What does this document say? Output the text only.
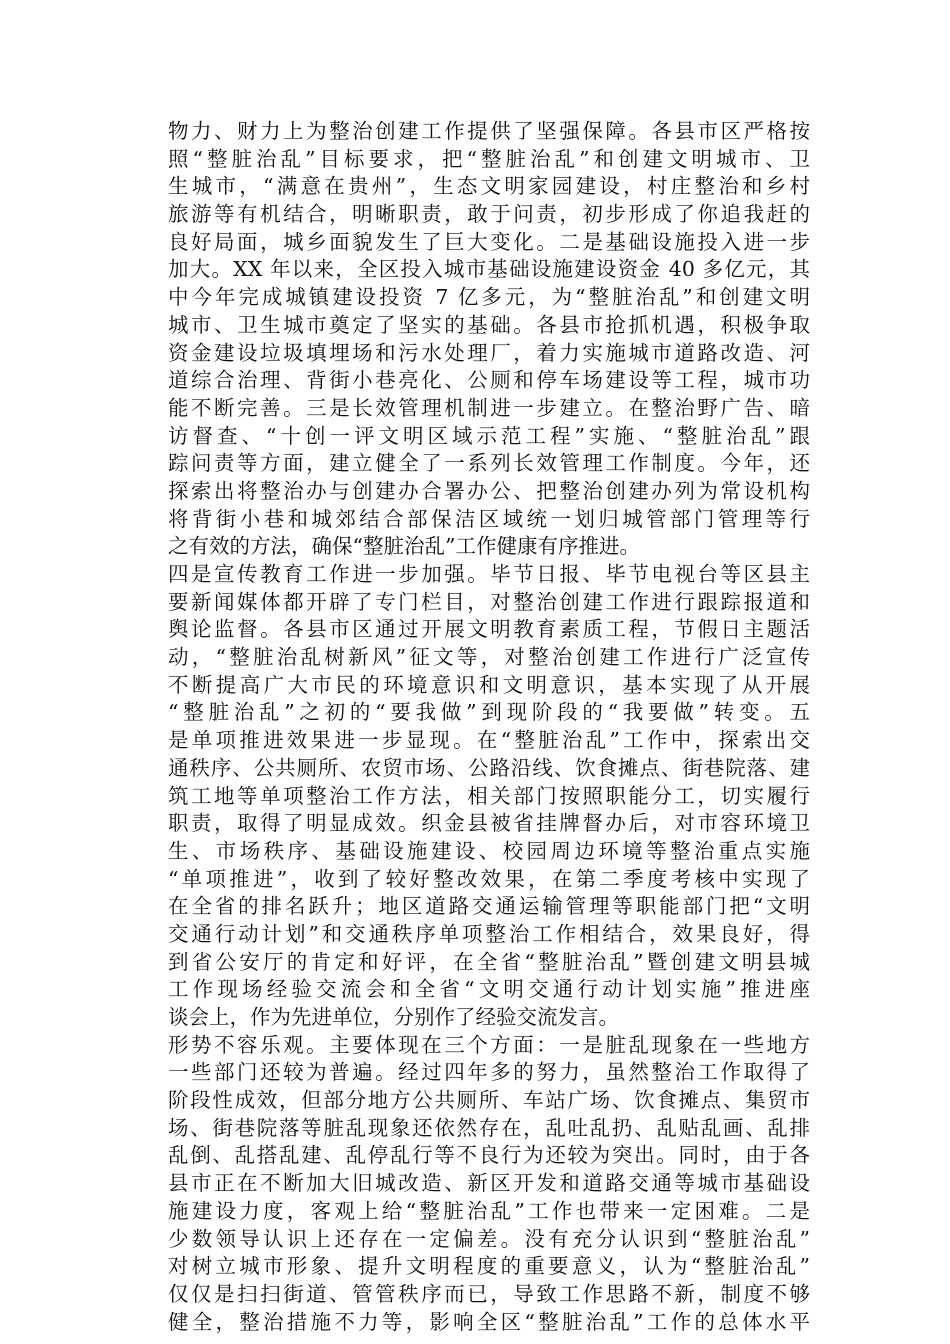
物力、财力上为整治创建工作提供了坚强保障。各县市区严格按
照“整脏治乱”目标要求，把“整脏治乱”和创建文明城市、卫
生城市，“满意在贵州”，生态文明家园建设，村庄整治和乡村
旅游等有机结合，明晰职责，敢于问责，初步形成了你追我赶的
良好局面，城乡面貌发生了巨大变化。二是基础设施投入进一步
加大。XX 年以来，全区投入城市基础设施建设资金 40 多亿元，其
中今年完成城镇建设投资 7 亿多元，为“整脏治乱”和创建文明
城市、卫生城市奠定了坚实的基础。各县市抢抓机遇，积极争取
资金建设垃圾填埋场和污水处理厂，着力实施城市道路改造、河
道综合治理、背街小巷亮化、公厕和停车场建设等工程，城市功
能不断完善。三是长效管理机制进一步建立。在整治野广告、暗
访督查、“十创一评文明区域示范工程”实施、“整脏治乱”跟
踪问责等方面，建立健全了一系列长效管理工作制度。今年，还
探索出将整治办与创建办合署办公、把整治创建办列为常设机构
将背街小巷和城郊结合部保洁区域统一划归城管部门管理等行
之有效的方法，确保“整脏治乱”工作健康有序推进。
四是宣传教育工作进一步加强。毕节日报、毕节电视台等区县主
要新闻媒体都开辟了专门栏目，对整治创建工作进行跟踪报道和
舆论监督。各县市区通过开展文明教育素质工程，节假日主题活
动，“整脏治乱树新风”征文等，对整治创建工作进行广泛宣传
不断提高广大市民的环境意识和文明意识，基本实现了从开展
“整脏治乱”之初的“要我做”到现阶段的“我要做”转变。五
是单项推进效果进一步显现。在“整脏治乱”工作中，探索出交
通秩序、公共厕所、农贸市场、公路沿线、饮食摊点、街巷院落、建
筑工地等单项整治工作方法，相关部门按照职能分工，切实履行
职责，取得了明显成效。织金县被省挂牌督办后，对市容环境卫
生、市场秩序、基础设施建设、校园周边环境等整治重点实施
“单项推进”，收到了较好整改效果，在第二季度考核中实现了
在全省的排名跃升；地区道路交通运输管理等职能部门把“文明
交通行动计划”和交通秩序单项整治工作相结合，效果良好，得
到省公安厅的肯定和好评，在全省“整脏治乱”暨创建文明县城
工作现场经验交流会和全省“文明交通行动计划实施”推进座
谈会上，作为先进单位，分别作了经验交流发言。
形势不容乐观。主要体现在三个方面：一是脏乱现象在一些地方
一些部门还较为普遍。经过四年多的努力，虽然整治工作取得了
阶段性成效，但部分地方公共厕所、车站广场、饮食摊点、集贸市
场、街巷院落等脏乱现象还依然存在，乱吐乱扔、乱贴乱画、乱排
乱倒、乱搭乱建、乱停乱行等不良行为还较为突出。同时，由于各
县市正在不断加大旧城改造、新区开发和道路交通等城市基础设
施建设力度，客观上给“整脏治乱”工作也带来一定困难。二是
少数领导认识上还存在一定偏差。没有充分认识到“整脏治乱”
对树立城市形象、提升文明程度的重要意义，认为“整脏治乱”
仅仅是扫扫街道、管管秩序而已，导致工作思路不新，制度不够
健全，整治措施不力等，影响全区“整脏治乱”工作的总体水平
